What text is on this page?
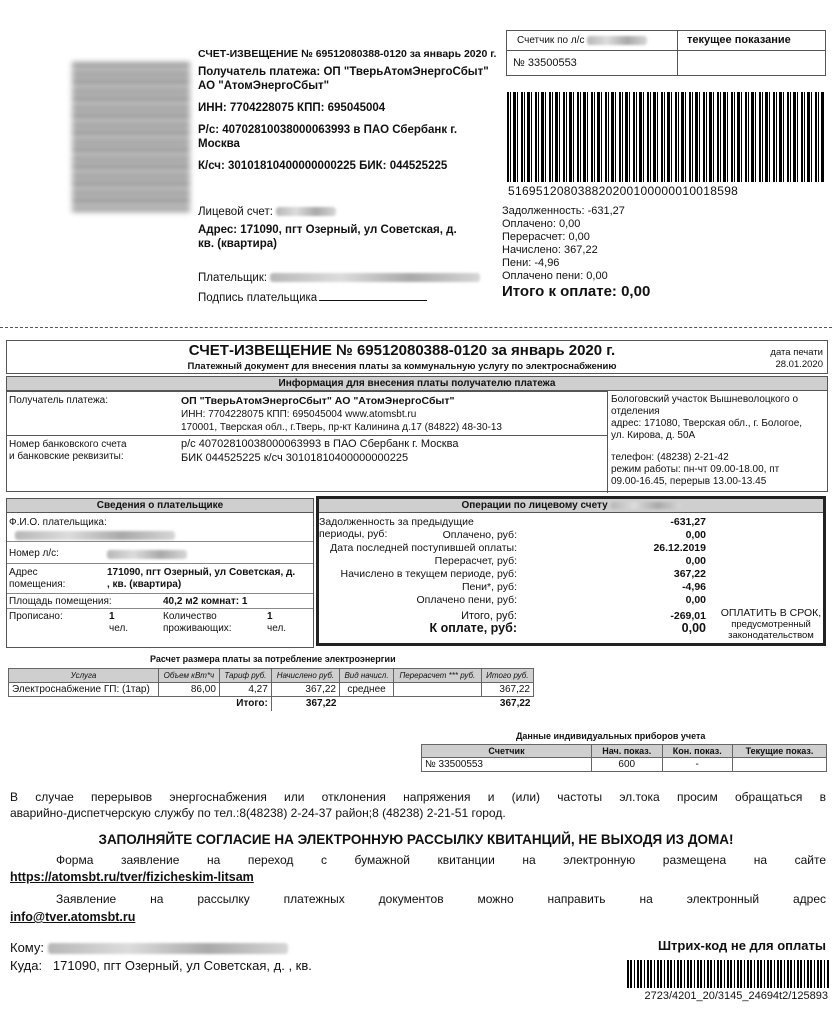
СЧЕТ-ИЗВЕЩЕНИЕ № 69512080388-0120 за январь 2020 г.
Получатель платежа: ОП "ТверьАтомЭнергоСбыт"
АО "АтомЭнергоСбыт"
ИНН: 7704228075 КПП: 695045004
Р/с: 40702810038000063993 в ПАО Сбербанк г.
Москва
К/сч: 30101810400000000225 БИК: 044525225
Лицевой счет:
Адрес: 171090, пгт Озерный, ул Советская, д.
кв. (квартира)
Плательщик:
Подпись плательщика
Счетчик по л/с	текущее показание
№ 33500553
516951208038820200100000010018598
Задолженность: -631,27
Оплачено: 0,00
Перерасчет: 0,00
Начислено: 367,22
Пени: -4,96
Оплачено пени: 0,00
Итого к оплате: 0,00
СЧЕТ-ИЗВЕЩЕНИЕ № 69512080388-0120 за январь 2020 г.
Платежный документ для внесения платы за коммунальную услугу по электроснабжению
дата печати
28.01.2020
Информация для внесения платы получателю платежа
Получатель платежа:	ОП "ТверьАтомЭнергоСбыт" АО "АтомЭнергоСбыт"
ИНН: 7704228075 КПП: 695045004 www.atomsbt.ru
170001, Тверская обл., г.Тверь, пр-кт Калинина д.17 (84822) 48-30-13
Номер банковского счета
и банковские реквизиты:
р/с 40702810038000063993 в ПАО Сбербанк г. Москва
БИК 044525225 к/сч 30101810400000000225
Бологовский участок Вышневолоцкого о
отделения
адрес: 171080, Тверская обл., г. Бологое,
ул. Кирова, д. 50А
телефон: (48238) 2-21-42
режим работы: пн-чт 09.00-18.00, пт
09.00-16.45, перерыв 13.00-13.45
Сведения о плательщике
Ф.И.О. плательщика:
Номер л/с:
Адрес
помещения:
171090, пгт Озерный, ул Советская, д.
, кв. (квартира)
Площадь помещения:	40,2 м2 комнат: 1
Прописано:	1
чел.
Количество
проживающих:
1
чел.
Операции по лицевому счету
Задолженность за предыдущие периоды, руб:
-631,27
Оплачено, руб:	0,00
Дата последней поступившей оплаты:	26.12.2019
Перерасчет, руб:	0,00
Начислено в текущем периоде, руб:	367,22
Пени*, руб:	-4,96
Оплачено пени, руб:	0,00
Итого, руб:	-269,01
К оплате, руб:	0,00
ОПЛАТИТЬ В СРОК,
предусмотренный
законодательством
Расчет размера платы за потребление электроэнергии
Услуга	Объем кВт*ч	Тариф руб.	Начислено руб.	Вид начисл.	Перерасчет *** руб.	Итого руб.
Электроснабжение ГП: (1тар)	86,00	4,27	367,22	среднее		367,22
Итого:			367,22			367,22
Данные индивидуальных приборов учета
Счетчик	Нач. показ.	Кон. показ.	Текущие показ.
№ 33500553	600	-	
В случае перерывов энергоснабжения или отклонения напряжения и (или) частоты эл.тока просим обращаться в
аварийно-диспетчерскую службу по тел.:8(48238) 2-24-37 район;8 (48238) 2-21-51 город.
ЗАПОЛНЯЙТЕ СОГЛАСИЕ НА ЭЛЕКТРОННУЮ РАССЫЛКУ КВИТАНЦИЙ, НЕ ВЫХОДЯ ИЗ ДОМА!
Форма заявление на переход с бумажной квитанции на электронную размещена на сайте
https://atomsbt.ru/tver/fizicheskim-litsam
Заявление на рассылку платежных документов можно направить на электронный адрес
info@tver.atomsbt.ru
Кому:
Куда: 171090, пгт Озерный, ул Советская, д. , кв.
Штрих-код не для оплаты
2723/4201_20/3145_24694t2/125893
